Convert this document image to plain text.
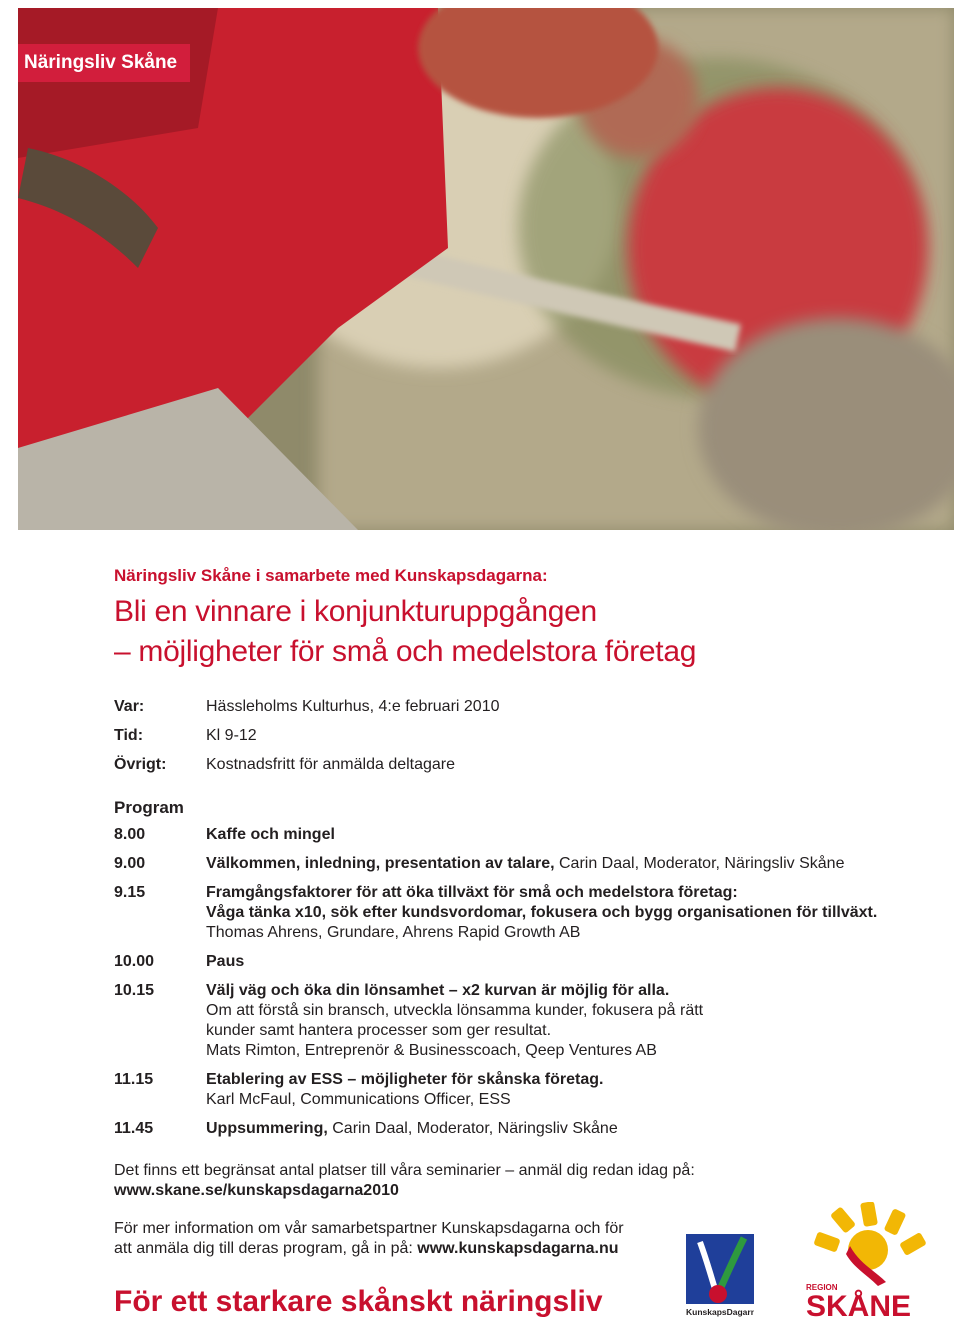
Näringsliv Skåne

Näringsliv Skåne i samarbete med Kunskapsdagarna:

Bli en vinnare i konjunkturuppgången
– möjligheter för små och medelstora företag
Var:	Hässleholms Kulturhus, 4:e februari 2010
Tid:	Kl 9-12
Övrigt:	Kostnadsfritt för anmälda deltagare
Program
8.00	Kaffe och mingel
9.00	Välkommen, inledning, presentation av talare, Carin Daal, Moderator, Näringsliv Skåne
9.15	Framgångsfaktorer för att öka tillväxt för små och medelstora företag:
Våga tänka x10, sök efter kundsvordomar, fokusera och bygg organisationen för tillväxt.
Thomas Ahrens, Grundare, Ahrens Rapid Growth AB
10.00	Paus
10.15	Välj väg och öka din lönsamhet – x2 kurvan är möjlig för alla.
Om att förstå sin bransch, utveckla lönsamma kunder, fokusera på rätt
kunder samt hantera processer som ger resultat.
Mats Rimton, Entreprenör & Businesscoach, Qeep Ventures AB
11.15	Etablering av ESS – möjligheter för skånska företag.
Karl McFaul, Communications Officer, ESS
11.45	Uppsummering, Carin Daal, Moderator, Näringsliv Skåne
Det finns ett begränsat antal platser till våra seminarier – anmäl dig redan idag på:
www.skane.se/kunskapsdagarna2010
För mer information om vår samarbetspartner Kunskapsdagarna och för
att anmäla dig till deras program, gå in på: www.kunskapsdagarna.nu
För ett starkare skånskt näringsliv	KunskapsDagarna
REGION
SKÅNE
